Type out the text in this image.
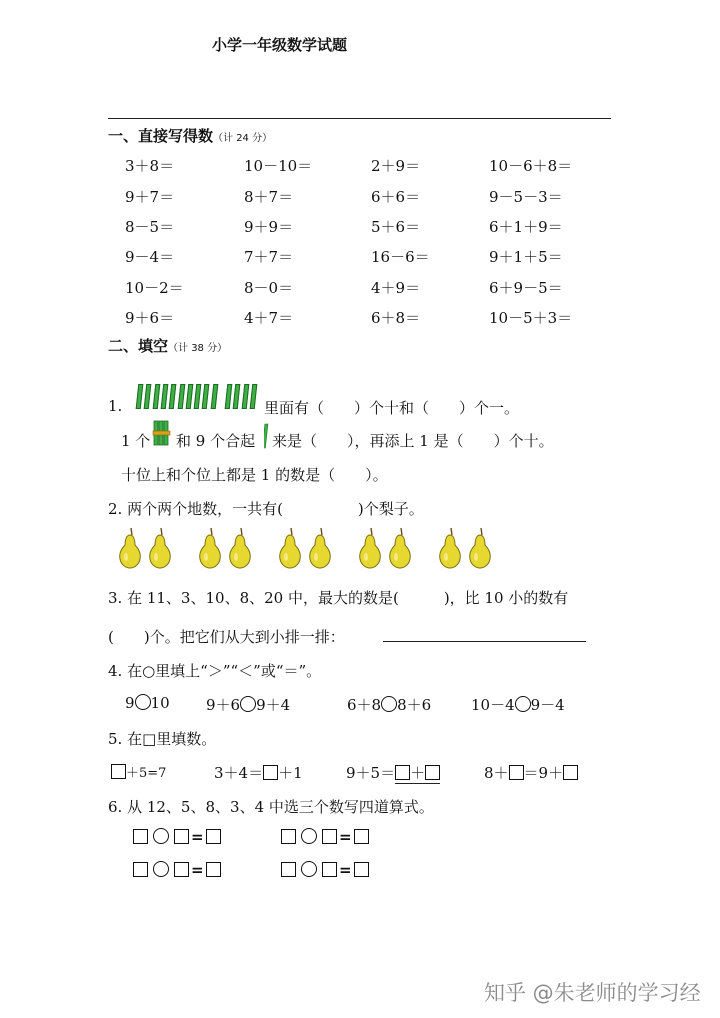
小学一年级数学试题
一、直接写得数（计 24 分）
3＋8＝	10－10＝	2＋9＝	10－6＋8＝
9＋7＝	8＋7＝	6＋6＝	9－5－3＝
8－5＝	9＋9＝	5＋6＝	6＋1＋9＝
9－4＝	7＋7＝	16－6＝	9＋1＋5＝
10－2＝	8－0＝	4＋9＝	6＋9－5＝
9＋6＝	4＋7＝	6＋8＝	10－5＋3＝
二、填空（计 38 分）
1.	里面有（　　）个十和（　　）个一。
1 个 和 9 个合起 来是（　　），再添上 1 是（　　）个十。
十位上和个位上都是 1 的数是（　　）。
2. 两个两个地数，一共有(　　　　　)个梨子。
3. 在 11、3、10、8、20 中，最大的数是(　　　)，比 10 小的数有
(　　)个。把它们从大到小排一排：
4. 在○里填上“＞”“＜”或“＝”。
9 10 9＋6 9＋4	6＋8 8＋6	10－4 9－4
5. 在□里填数。
＋5=7	3＋4＝ ＋1	9＋5＝ ＋	8＋ ＝9＋
6. 从 12、5、8、3、4 中选三个数写四道算式。
=	=
=	=
知乎 @朱老师的学习经
